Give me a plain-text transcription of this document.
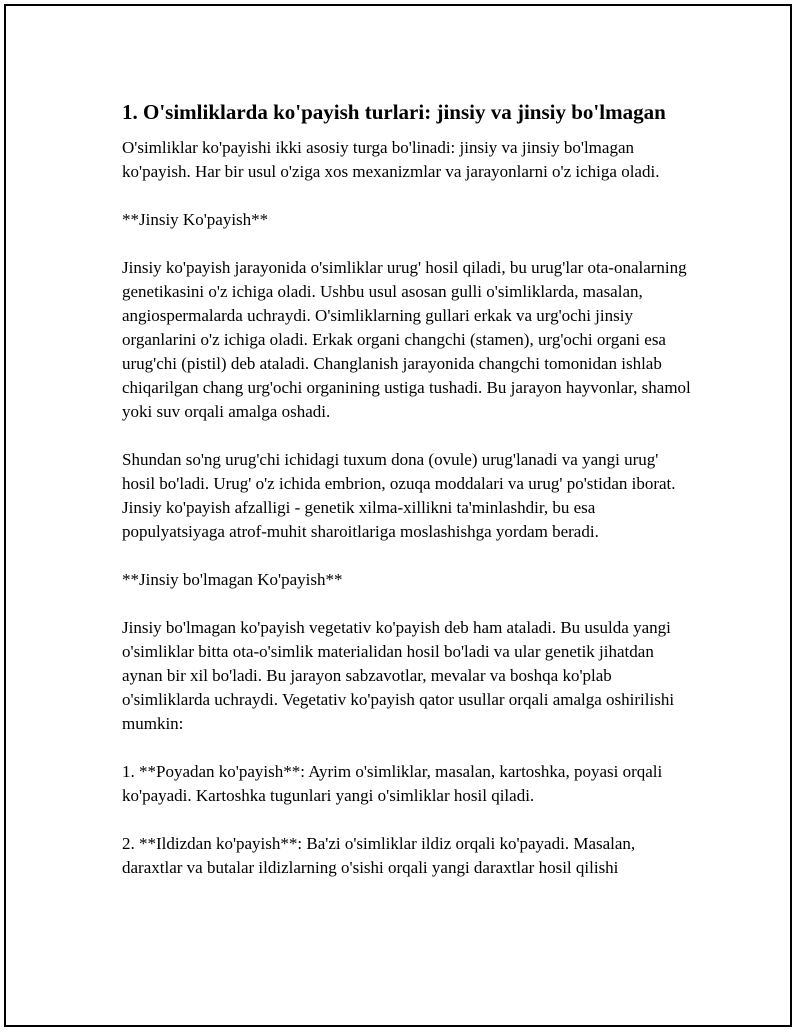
1. O'simliklarda ko'payish turlari: jinsiy va jinsiy bo'lmagan

O'simliklar ko'payishi ikki asosiy turga bo'linadi: jinsiy va jinsiy bo'lmagan ko'payish. Har bir usul o'ziga xos mexanizmlar va jarayonlarni o'z ichiga oladi.

**Jinsiy Ko'payish**

Jinsiy ko'payish jarayonida o'simliklar urug' hosil qiladi, bu urug'lar ota-onalarning genetikasini o'z ichiga oladi. Ushbu usul asosan gulli o'simliklarda, masalan, angiospermalarda uchraydi. O'simliklarning gullari erkak va urg'ochi jinsiy organlarini o'z ichiga oladi. Erkak organi changchi (stamen), urg'ochi organi esa urug'chi (pistil) deb ataladi. Changlanish jarayonida changchi tomonidan ishlab chiqarilgan chang urg'ochi organining ustiga tushadi. Bu jarayon hayvonlar, shamol yoki suv orqali amalga oshadi.

Shundan so'ng urug'chi ichidagi tuxum dona (ovule) urug'lanadi va yangi urug' hosil bo'ladi. Urug' o'z ichida embrion, ozuqa moddalari va urug' po'stidan iborat. Jinsiy ko'payish afzalligi - genetik xilma-xillikni ta'minlashdir, bu esa populyatsiyaga atrof-muhit sharoitlariga moslashishga yordam beradi.

**Jinsiy bo'lmagan Ko'payish**

Jinsiy bo'lmagan ko'payish vegetativ ko'payish deb ham ataladi. Bu usulda yangi o'simliklar bitta ota-o'simlik materialidan hosil bo'ladi va ular genetik jihatdan aynan bir xil bo'ladi. Bu jarayon sabzavotlar, mevalar va boshqa ko'plab o'simliklarda uchraydi. Vegetativ ko'payish qator usullar orqali amalga oshirilishi mumkin:

1. **Poyadan ko'payish**: Ayrim o'simliklar, masalan, kartoshka, poyasi orqali ko'payadi. Kartoshka tugunlari yangi o'simliklar hosil qiladi.

2. **Ildizdan ko'payish**: Ba'zi o'simliklar ildiz orqali ko'payadi. Masalan, daraxtlar va butalar ildizlarning o'sishi orqali yangi daraxtlar hosil qilishi
